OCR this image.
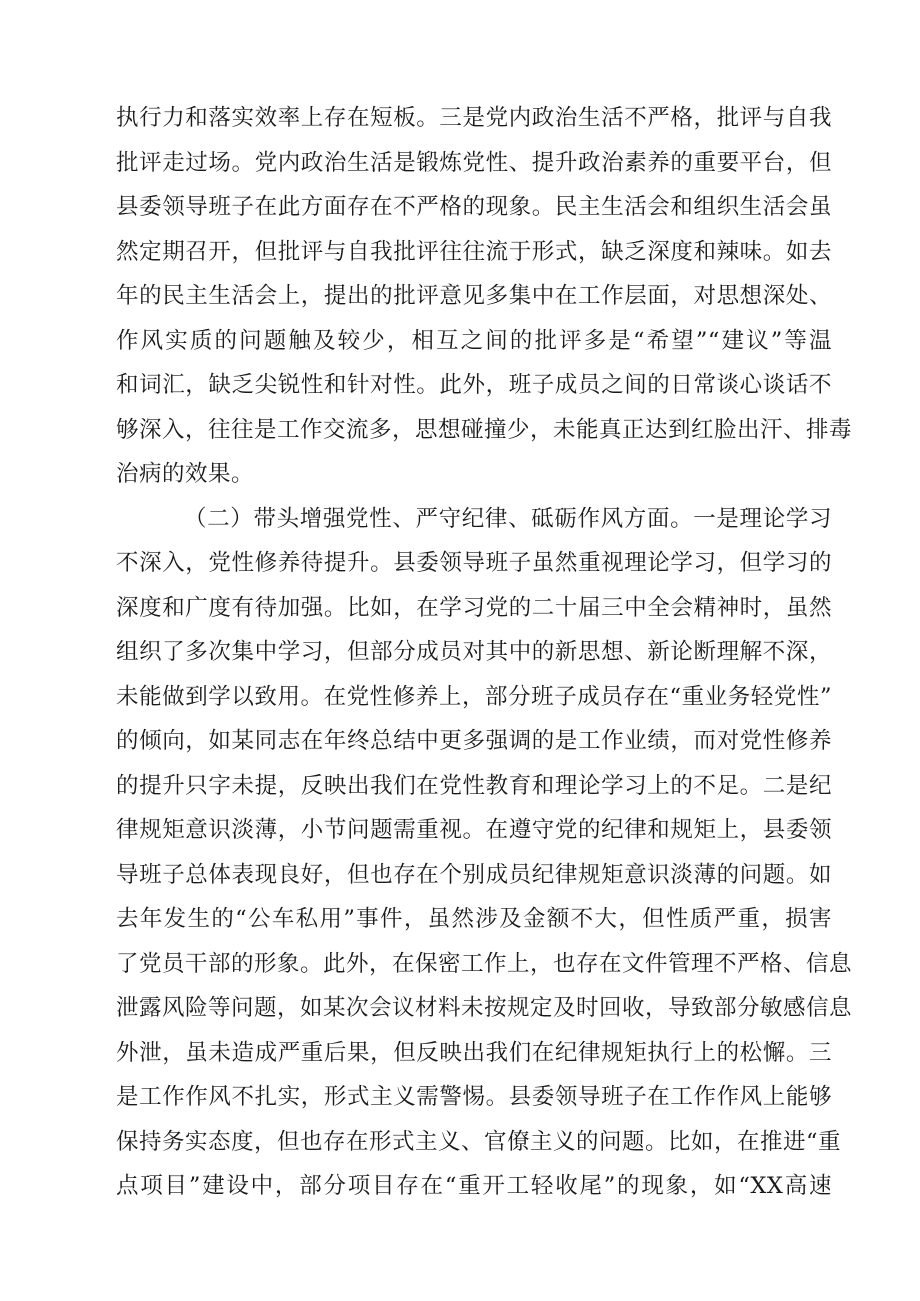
执行力和落实效率上存在短板。三是党内政治生活不严格，批评与自我
批评走过场。党内政治生活是锻炼党性、提升政治素养的重要平台，但
县委领导班子在此方面存在不严格的现象。民主生活会和组织生活会虽
然定期召开，但批评与自我批评往往流于形式，缺乏深度和辣味。如去
年的民主生活会上，提出的批评意见多集中在工作层面，对思想深处、
作风实质的问题触及较少，相互之间的批评多是“希望”“建议”等温
和词汇，缺乏尖锐性和针对性。此外，班子成员之间的日常谈心谈话不
够深入，往往是工作交流多，思想碰撞少，未能真正达到红脸出汗、排毒
治病的效果。
（二）带头增强党性、严守纪律、砥砺作风方面。一是理论学习
不深入，党性修养待提升。县委领导班子虽然重视理论学习，但学习的
深度和广度有待加强。比如，在学习党的二十届三中全会精神时，虽然
组织了多次集中学习，但部分成员对其中的新思想、新论断理解不深，
未能做到学以致用。在党性修养上，部分班子成员存在“重业务轻党性”
的倾向，如某同志在年终总结中更多强调的是工作业绩，而对党性修养
的提升只字未提，反映出我们在党性教育和理论学习上的不足。二是纪
律规矩意识淡薄，小节问题需重视。在遵守党的纪律和规矩上，县委领
导班子总体表现良好，但也存在个别成员纪律规矩意识淡薄的问题。如
去年发生的“公车私用”事件，虽然涉及金额不大，但性质严重，损害
了党员干部的形象。此外，在保密工作上，也存在文件管理不严格、信息
泄露风险等问题，如某次会议材料未按规定及时回收，导致部分敏感信息
外泄，虽未造成严重后果，但反映出我们在纪律规矩执行上的松懈。三
是工作作风不扎实，形式主义需警惕。县委领导班子在工作作风上能够
保持务实态度，但也存在形式主义、官僚主义的问题。比如，在推进“重
点项目”建设中，部分项目存在“重开工轻收尾”的现象，如“XX高速
